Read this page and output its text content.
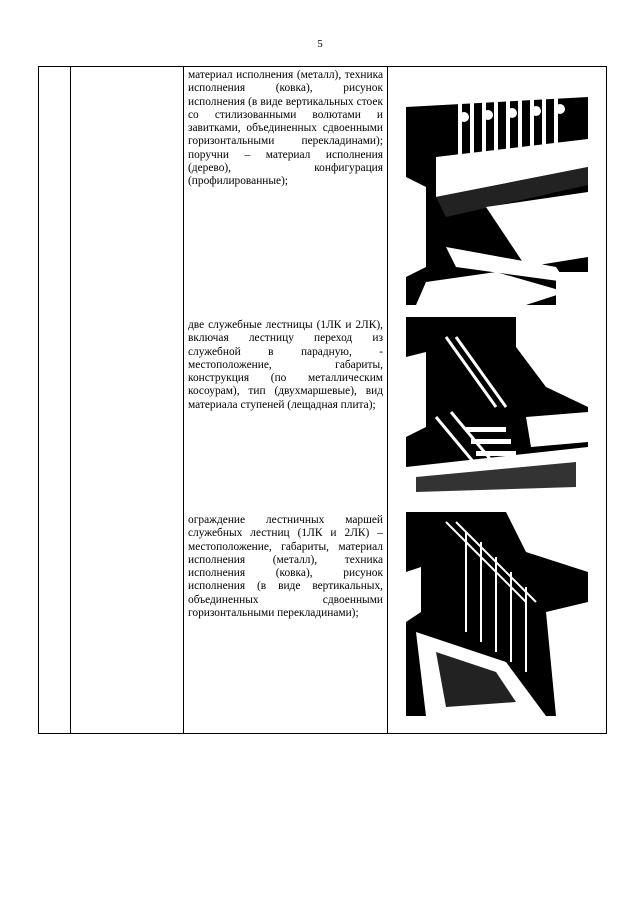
5

материал исполнения (металл), техника исполнения (ковка), рисунок исполнения (в виде вертикальных стоек со стилизованными волютами и завитками, объединенных сдвоенными горизонтальными перекладинами); поручни – материал исполнения (дерево), конфигурация (профилированные);
две служебные лестницы (1ЛК и 2ЛК), включая лестницу переход из служебной в парадную, - местоположение, габариты, конструкция (по металлическим косоурам), тип (двухмаршевые), вид материала ступеней (лещадная плита);
ограждение лестничных маршей служебных лестниц (1ЛК и 2ЛК) – местоположение, габариты, материал исполнения (металл), техника исполнения (ковка), рисунок исполнения (в виде вертикальных, объединенных сдвоенными горизонтальными перекладинами);
